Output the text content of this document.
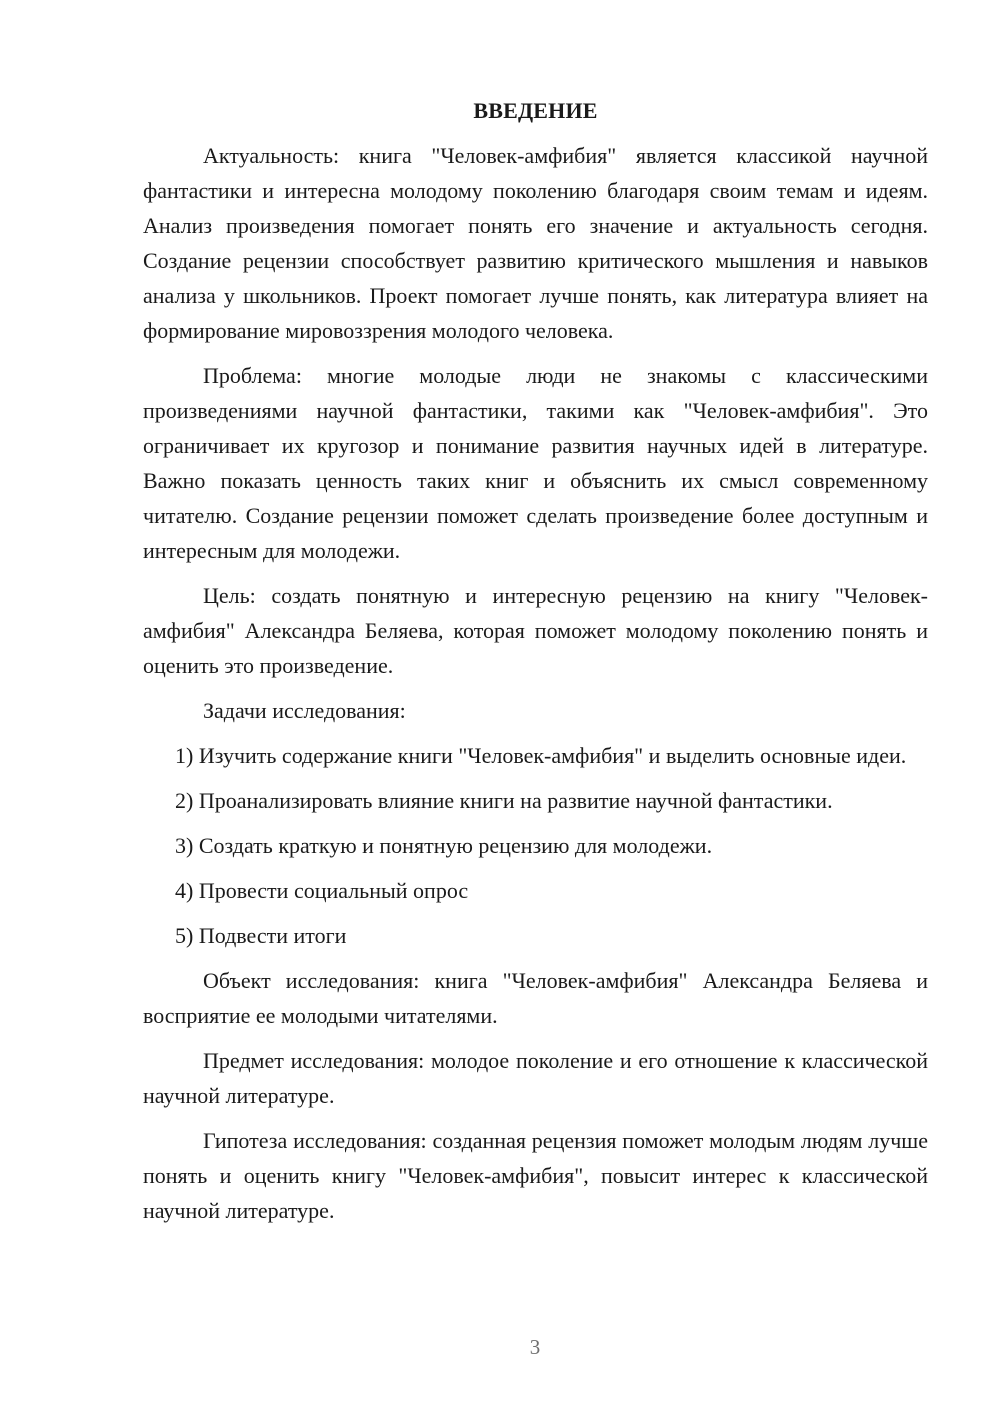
ВВЕДЕНИЕ

Актуальность: книга "Человек-амфибия" является классикой научной фантастики и интересна молодому поколению благодаря своим темам и идеям. Анализ произведения помогает понять его значение и актуальность сегодня. Создание рецензии способствует развитию критического мышления и навыков анализа у школьников. Проект помогает лучше понять, как литература влияет на формирование мировоззрения молодого человека.

Проблема: многие молодые люди не знакомы с классическими произведениями научной фантастики, такими как "Человек-амфибия". Это ограничивает их кругозор и понимание развития научных идей в литературе. Важно показать ценность таких книг и объяснить их смысл современному читателю. Создание рецензии поможет сделать произведение более доступным и интересным для молодежи.

Цель: создать понятную и интересную рецензию на книгу "Человек-амфибия" Александра Беляева, которая поможет молодому поколению понять и оценить это произведение.

Задачи исследования:

1) Изучить содержание книги "Человек-амфибия" и выделить основные идеи.

2) Проанализировать влияние книги на развитие научной фантастики.

3) Создать краткую и понятную рецензию для молодежи.

4) Провести социальный опрос

5) Подвести итоги

Объект исследования: книга "Человек-амфибия" Александра Беляева и восприятие ее молодыми читателями.

Предмет исследования: молодое поколение и его отношение к классической научной литературе.

Гипотеза исследования: созданная рецензия поможет молодым людям лучше понять и оценить книгу "Человек-амфибия", повысит интерес к классической научной литературе.

3
